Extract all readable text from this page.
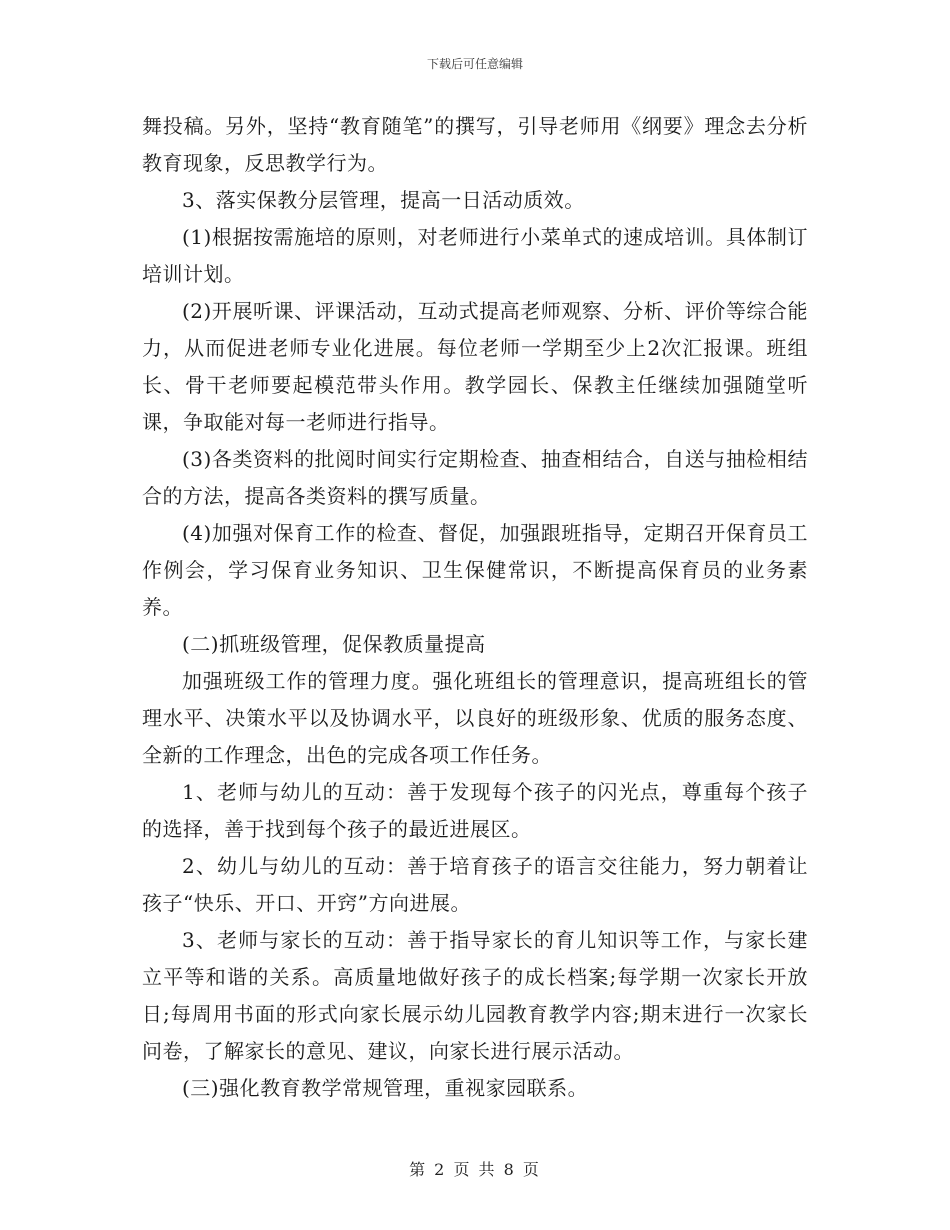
下载后可任意编辑

舞投稿。另外，坚持“教育随笔”的撰写，引导老师用《纲要》理念去分析教育现象，反思教学行为。

3、落实保教分层管理，提高一日活动质效。

(1)根据按需施培的原则，对老师进行小菜单式的速成培训。具体制订培训计划。

(2)开展听课、评课活动，互动式提高老师观察、分析、评价等综合能力，从而促进老师专业化进展。每位老师一学期至少上2次汇报课。班组长、骨干老师要起模范带头作用。教学园长、保教主任继续加强随堂听课，争取能对每一老师进行指导。

(3)各类资料的批阅时间实行定期检查、抽查相结合，自送与抽检相结合的方法，提高各类资料的撰写质量。

(4)加强对保育工作的检查、督促，加强跟班指导，定期召开保育员工作例会，学习保育业务知识、卫生保健常识，不断提高保育员的业务素养。

(二)抓班级管理，促保教质量提高

加强班级工作的管理力度。强化班组长的管理意识，提高班组长的管理水平、决策水平以及协调水平，以良好的班级形象、优质的服务态度、全新的工作理念，出色的完成各项工作任务。

1、老师与幼儿的互动：善于发现每个孩子的闪光点，尊重每个孩子的选择，善于找到每个孩子的最近进展区。

2、幼儿与幼儿的互动：善于培育孩子的语言交往能力，努力朝着让孩子“快乐、开口、开窍”方向进展。

3、老师与家长的互动：善于指导家长的育儿知识等工作，与家长建立平等和谐的关系。高质量地做好孩子的成长档案;每学期一次家长开放日;每周用书面的形式向家长展示幼儿园教育教学内容;期末进行一次家长问卷，了解家长的意见、建议，向家长进行展示活动。

(三)强化教育教学常规管理，重视家园联系。

第 2 页 共 8 页
